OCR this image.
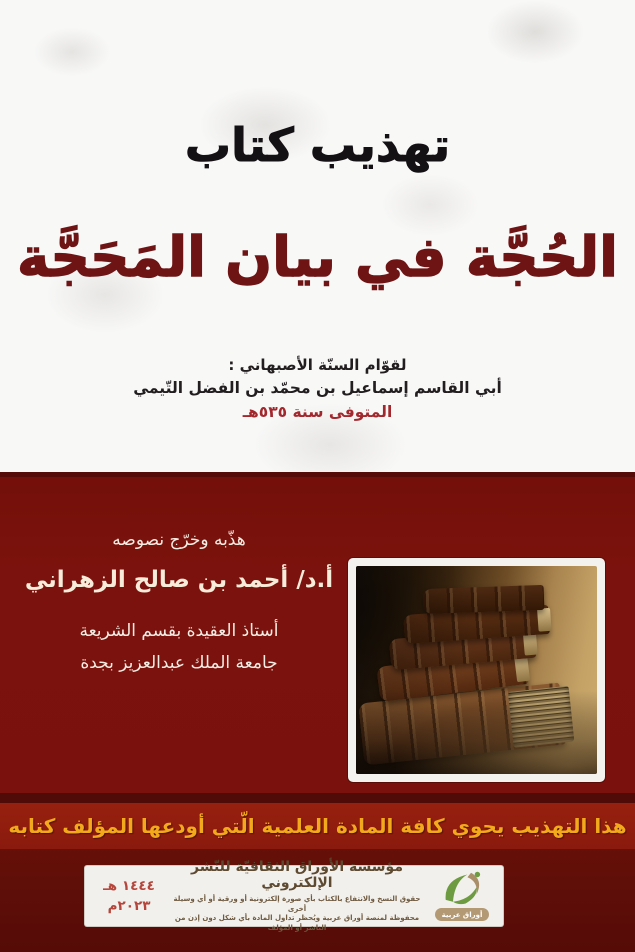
تهذيب كتاب
الحُجَّة في بيان المَحَجَّة
لقوّام السنّة الأصبهاني :
أبي القاسم إسماعيل بن محمّد بن الفضل التّيمي
المتوفى سنة ٥٣٥هـ
هذّبه وخرّج نصوصه
أ.د/ أحمد بن صالح الزهراني
أستاذ العقيدة بقسم الشريعة
جامعة الملك عبدالعزيز بجدة
هذا التهذيب يحوي كافة المادة العلمية الّتي أودعها المؤلف كتابه
أوراق عربية
مؤسسة الأوراق الثقافيّة للنّشر الإلكتروني
حقوق النسخ والانتفاع بالكتاب بأي صورة إلكترونية أو ورقية أو أي وسيلة أخرى
محفوظة لمنصة أوراق عربية ويُحظر تداول المادة بأي شكل دون إذن من الناشر أو المؤلف
١٤٤٤ هـ
٢٠٢٣م
